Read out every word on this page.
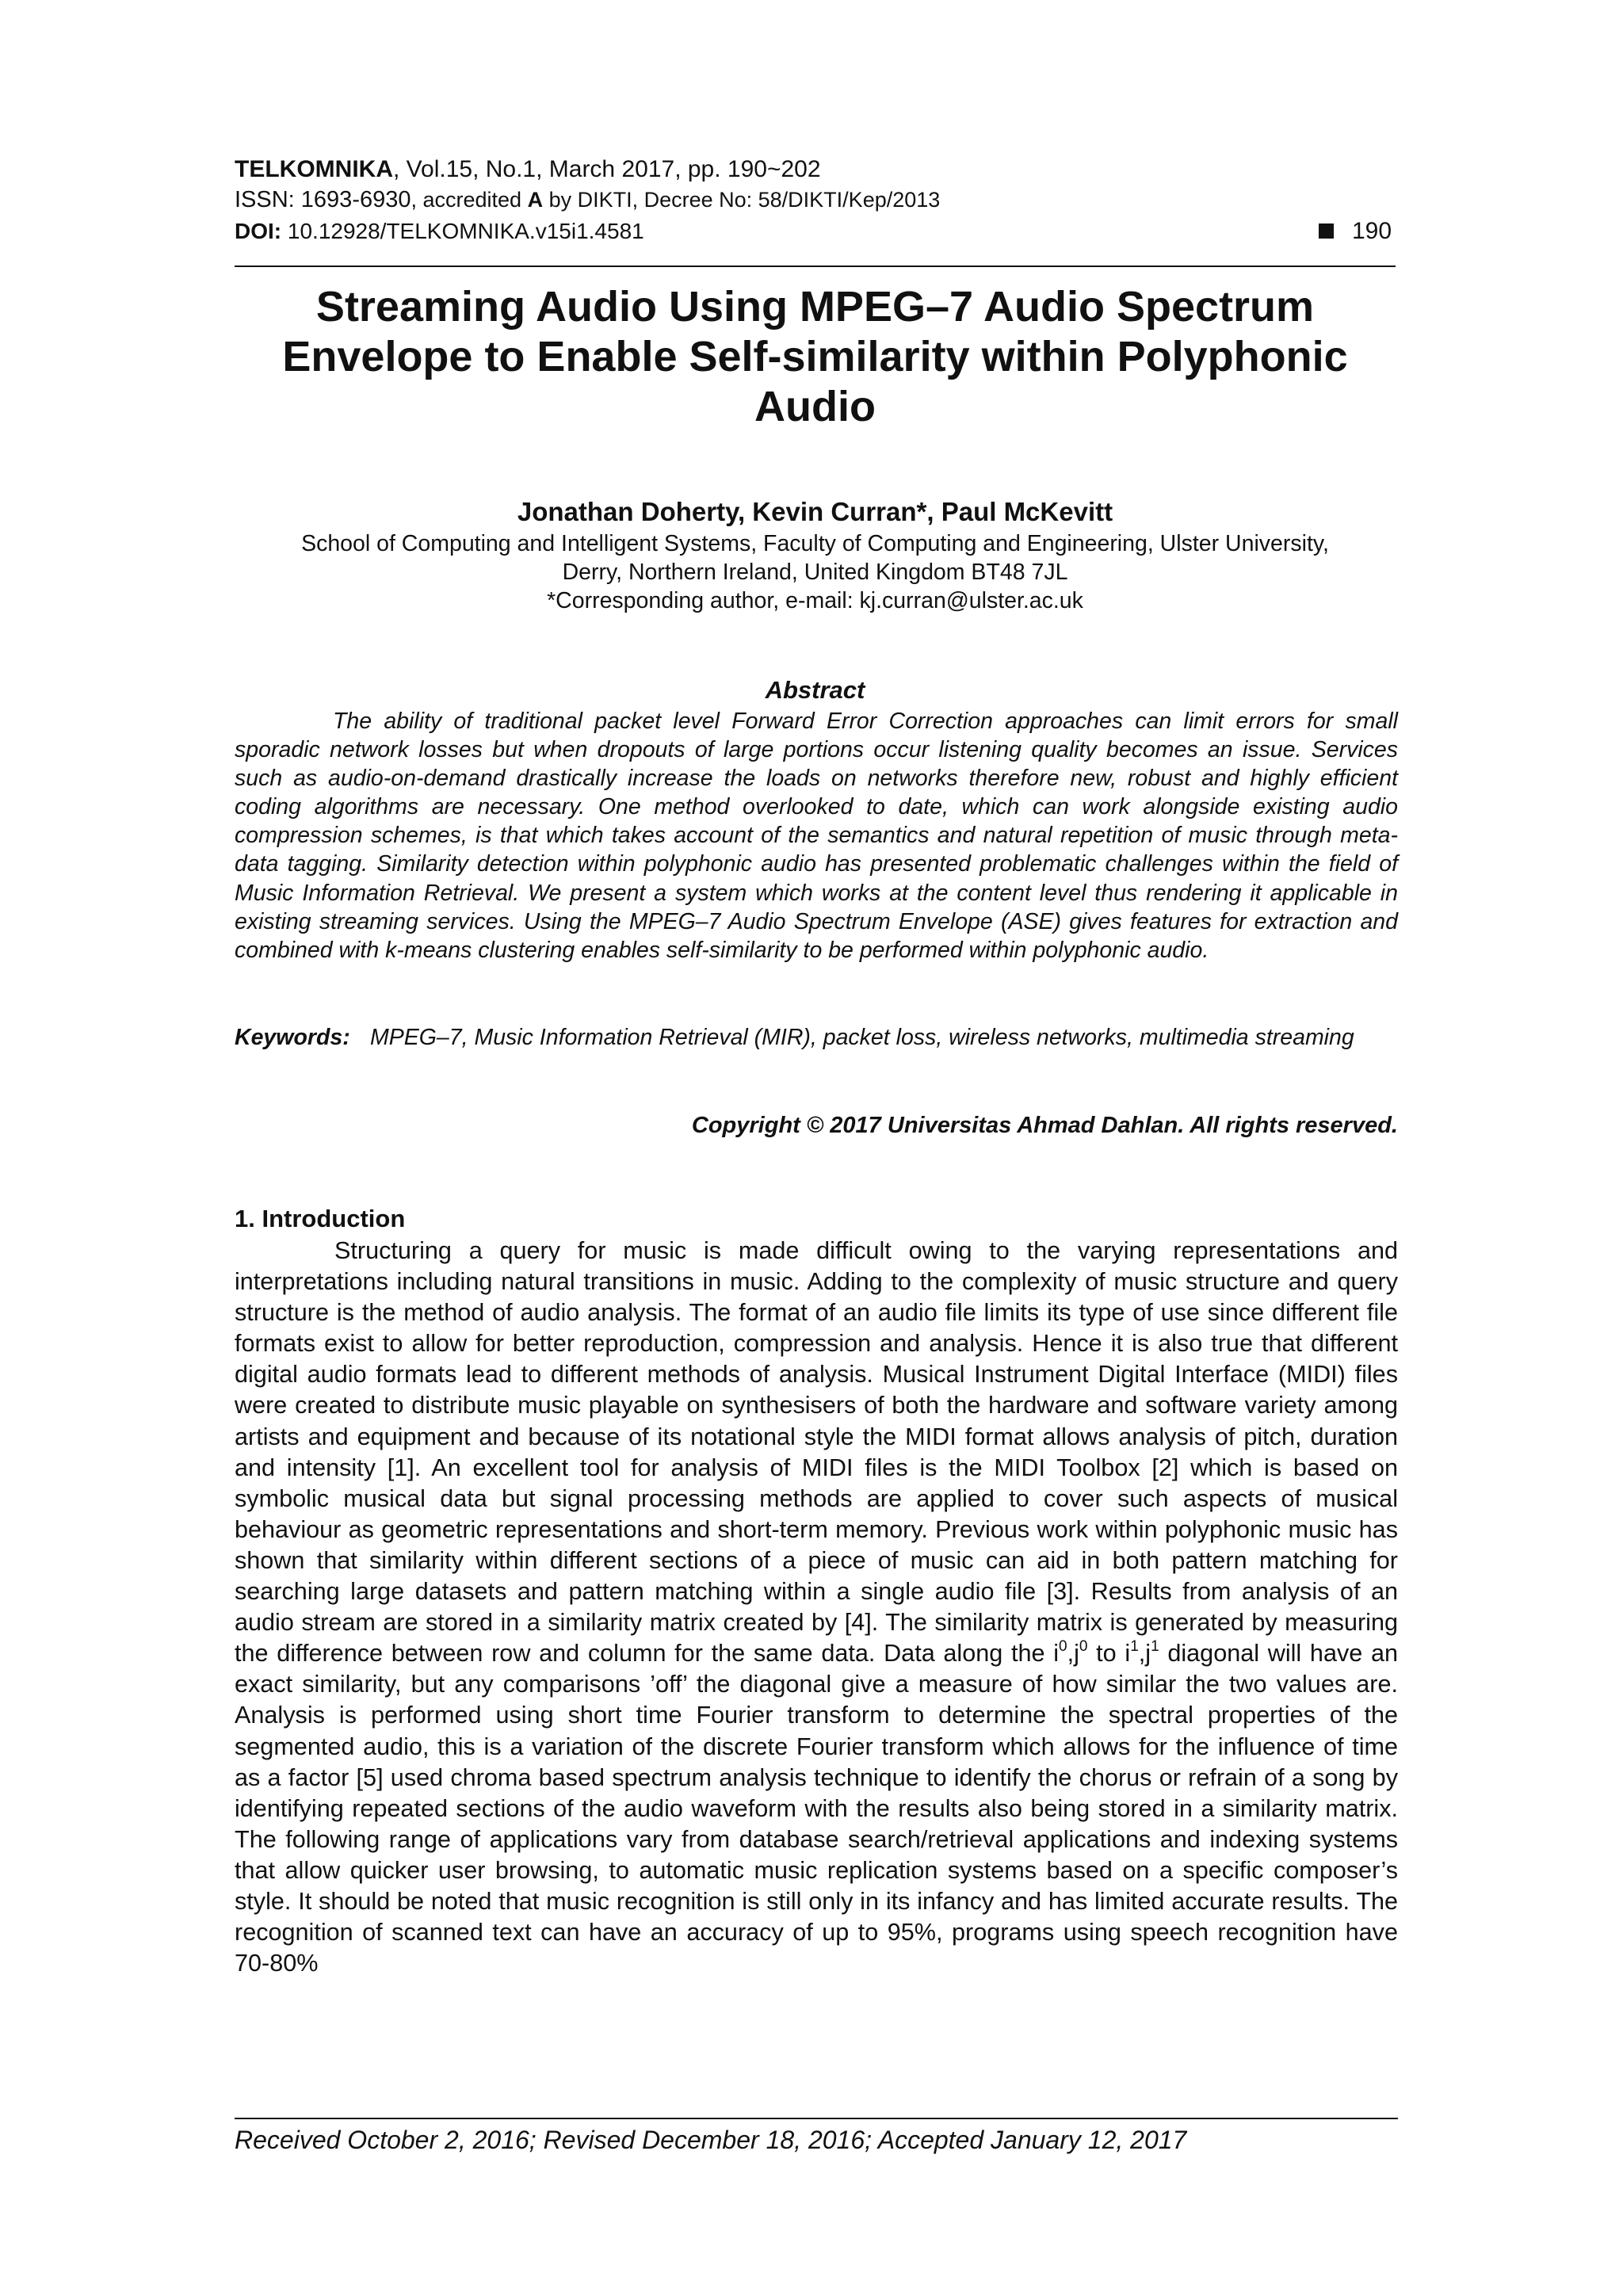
TELKOMNIKA, Vol.15, No.1, March 2017, pp. 190~202
ISSN: 1693-6930, accredited A by DIKTI, Decree No: 58/DIKTI/Kep/2013
DOI: 10.12928/TELKOMNIKA.v15i1.4581	190
Streaming Audio Using MPEG–7 Audio Spectrum Envelope to Enable Self-similarity within Polyphonic Audio
Jonathan Doherty, Kevin Curran*, Paul McKevitt
School of Computing and Intelligent Systems, Faculty of Computing and Engineering, Ulster University,
Derry, Northern Ireland, United Kingdom BT48 7JL
*Corresponding author, e-mail: kj.curran@ulster.ac.uk
Abstract
The ability of traditional packet level Forward Error Correction approaches can limit errors for small sporadic network losses but when dropouts of large portions occur listening quality becomes an issue. Services such as audio-on-demand drastically increase the loads on networks therefore new, robust and highly efficient coding algorithms are necessary. One method overlooked to date, which can work alongside existing audio compression schemes, is that which takes account of the semantics and natural repetition of music through meta-data tagging. Similarity detection within polyphonic audio has presented problematic challenges within the field of Music Information Retrieval. We present a system which works at the content level thus rendering it applicable in existing streaming services. Using the MPEG–7 Audio Spectrum Envelope (ASE) gives features for extraction and combined with k-means clustering enables self-similarity to be performed within polyphonic audio.
Keywords: MPEG–7, Music Information Retrieval (MIR), packet loss, wireless networks, multimedia streaming
Copyright © 2017 Universitas Ahmad Dahlan. All rights reserved.
1. Introduction
Structuring a query for music is made difficult owing to the varying representations and interpretations including natural transitions in music. Adding to the complexity of music structure and query structure is the method of audio analysis. The format of an audio file limits its type of use since different file formats exist to allow for better reproduction, compression and analysis. Hence it is also true that different digital audio formats lead to different methods of analysis. Musical Instrument Digital Interface (MIDI) files were created to distribute music playable on synthesisers of both the hardware and software variety among artists and equipment and because of its notational style the MIDI format allows analysis of pitch, duration and intensity [1]. An excellent tool for analysis of MIDI files is the MIDI Toolbox [2] which is based on symbolic musical data but signal processing methods are applied to cover such aspects of musical behaviour as geometric representations and short-term memory. Previous work within polyphonic music has shown that similarity within different sections of a piece of music can aid in both pattern matching for searching large datasets and pattern matching within a single audio file [3]. Results from analysis of an audio stream are stored in a similarity matrix created by [4]. The similarity matrix is generated by measuring the difference between row and column for the same data. Data along the $i^0,j^0$ to $i^1,j^1$ diagonal will have an exact similarity, but any comparisons ’off’ the diagonal give a measure of how similar the two values are. Analysis is performed using short time Fourier transform to determine the spectral properties of the segmented audio, this is a variation of the discrete Fourier transform which allows for the influence of time as a factor [5] used chroma based spectrum analysis technique to identify the chorus or refrain of a song by identifying repeated sections of the audio waveform with the results also being stored in a similarity matrix. The following range of applications vary from database search/retrieval applications and indexing systems that allow quicker user browsing, to automatic music replication systems based on a specific composer’s style. It should be noted that music recognition is still only in its infancy and has limited accurate results. The recognition of scanned text can have an accuracy of up to 95%, programs using speech recognition have 70-80%
Received October 2, 2016; Revised December 18, 2016; Accepted January 12, 2017
